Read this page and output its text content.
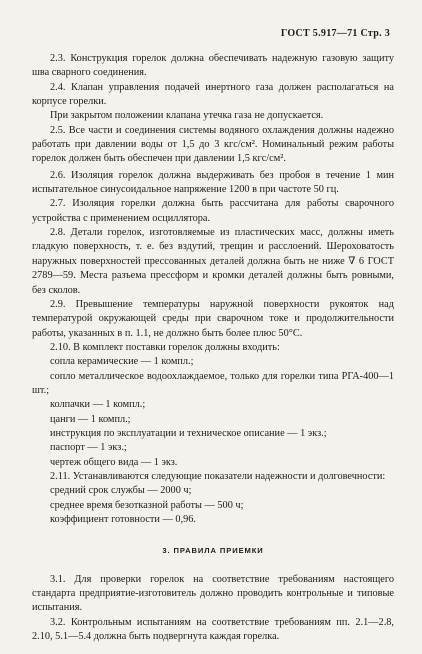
ГОСТ 5.917—71 Стр. 3

2.3. Конструкция горелок должна обеспечивать надежную газовую защиту шва сварного соединения.

2.4. Клапан управления подачей инертного газа должен располагаться на корпусе горелки.

При закрытом положении клапана утечка газа не допускается.

2.5. Все части и соединения системы водяного охлаждения должны надежно работать при давлении воды от 1,5 до 3 кгс/см². Номинальный режим работы горелок должен быть обеспечен при давлении 1,5 кгс/см².

2.6. Изоляция горелок должна выдерживать без пробоя в течение 1 мин испытательное синусоидальное напряжение 1200 в при частоте 50 гц.

2.7. Изоляция горелки должна быть рассчитана для работы сварочного устройства с применением осциллятора.

2.8. Детали горелок, изготовляемые из пластических масс, должны иметь гладкую поверхность, т. е. без вздутий, трещин и расслоений. Шероховатость наружных поверхностей прессованных деталей должна быть не ниже ∇ 6 ГОСТ 2789—59. Места разъема прессформ и кромки деталей должны быть ровными, без сколов.

2.9. Превышение температуры наружной поверхности рукояток над температурой окружающей среды при сварочном токе и продолжительности работы, указанных в п. 1.1, не должно быть более плюс 50°С.

2.10. В комплект поставки горелок должны входить:

сопла керамические — 1 компл.;

сопло металлическое водоохлаждаемое, только для горелки типа РГА-400—1 шт.;

колпачки — 1 компл.;

цанги — 1 компл.;

инструкция по эксплуатации и техническое описание — 1 экз.;

паспорт — 1 экз.;

чертеж общего вида — 1 экз.

2.11. Устанавливаются следующие показатели надежности и долговечности:

средний срок службы — 2000 ч;

среднее время безотказной работы — 500 ч;

коэффициент готовности — 0,96.

3. ПРАВИЛА ПРИЕМКИ

3.1. Для проверки горелок на соответствие требованиям настоящего стандарта предприятие-изготовитель должно проводить контрольные и типовые испытания.

3.2. Контрольным испытаниям на соответствие требованиям пп. 2.1—2.8, 2.10, 5.1—5.4 должна быть подвергнута каждая горелка.
